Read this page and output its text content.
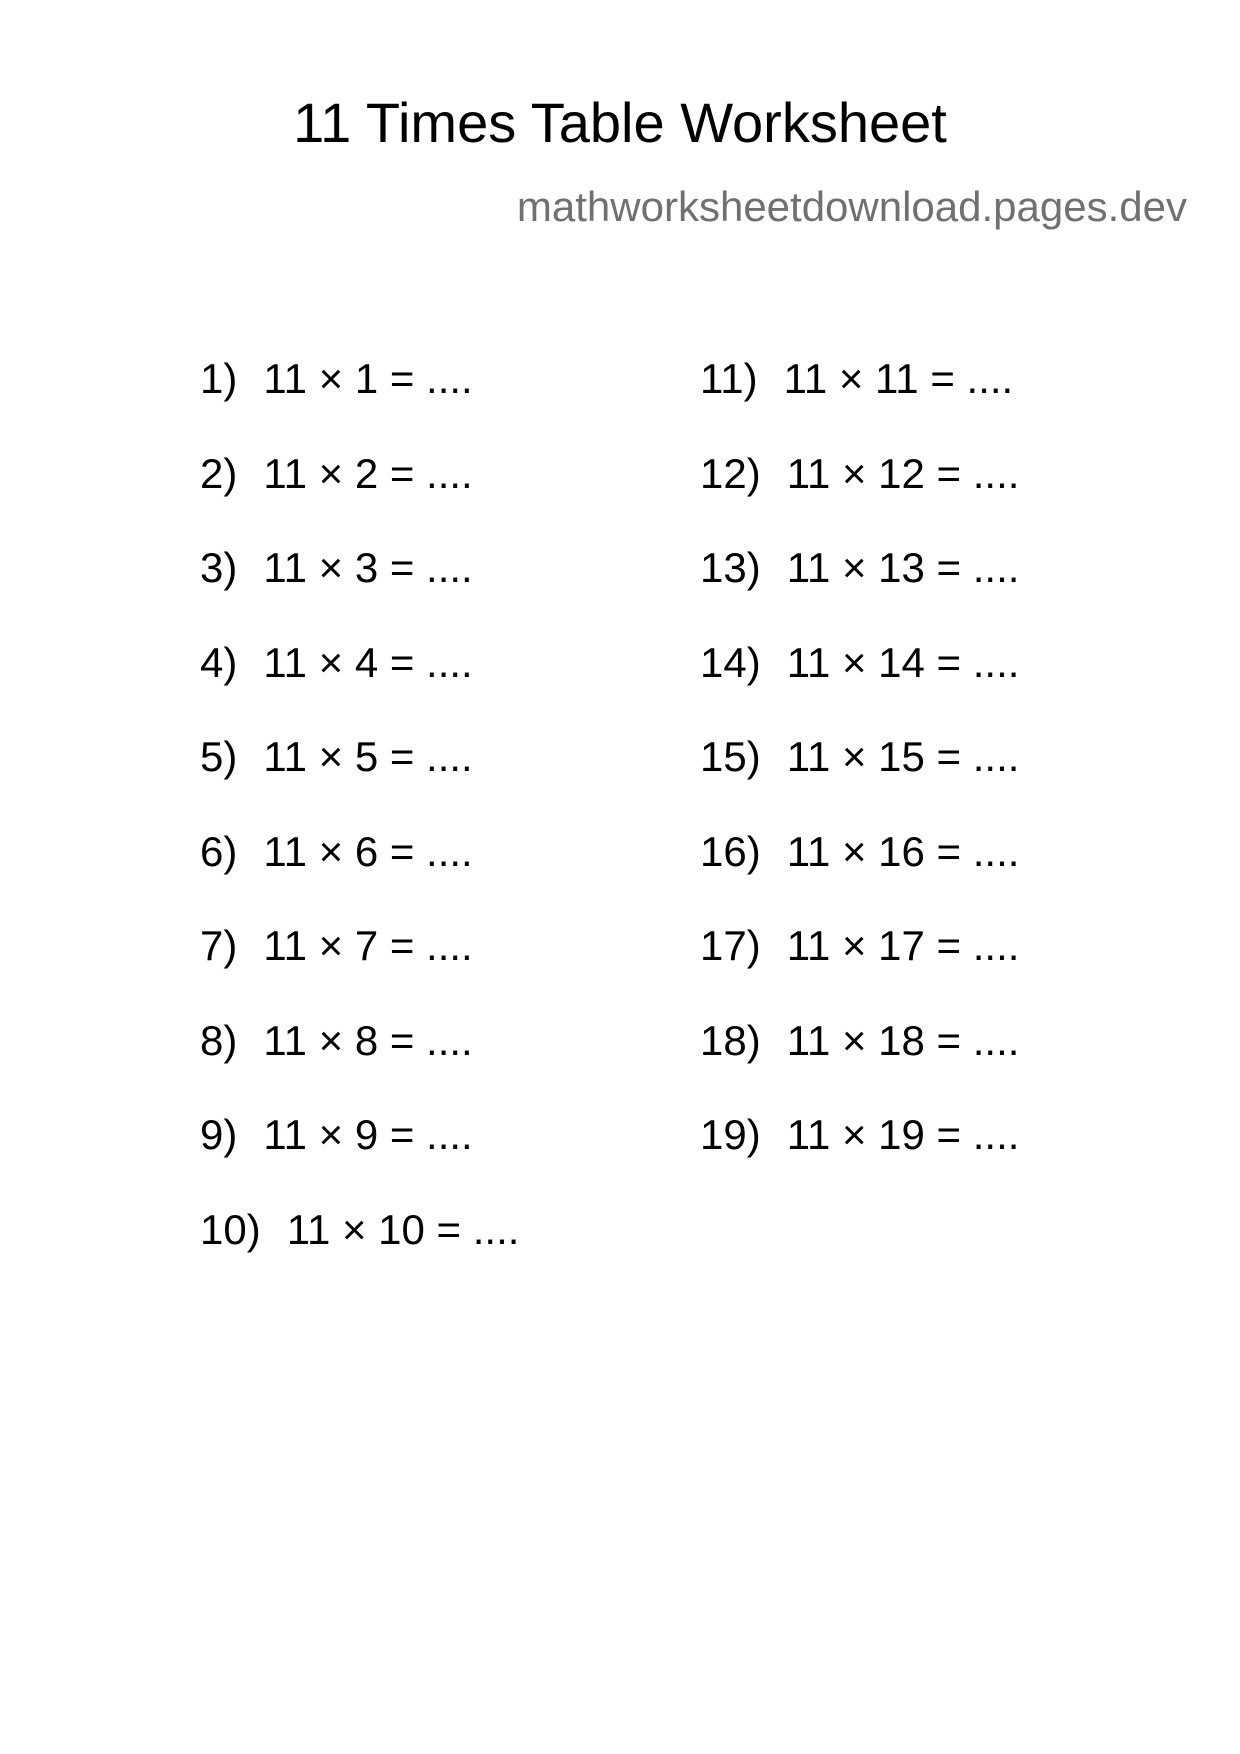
11 Times Table Worksheet
mathworksheetdownload.pages.dev
1) 11 × 1 = ....
2) 11 × 2 = ....
3) 11 × 3 = ....
4) 11 × 4 = ....
5) 11 × 5 = ....
6) 11 × 6 = ....
7) 11 × 7 = ....
8) 11 × 8 = ....
9) 11 × 9 = ....
10) 11 × 10 = ....
11) 11 × 11 = ....
12) 11 × 12 = ....
13) 11 × 13 = ....
14) 11 × 14 = ....
15) 11 × 15 = ....
16) 11 × 16 = ....
17) 11 × 17 = ....
18) 11 × 18 = ....
19) 11 × 19 = ....
